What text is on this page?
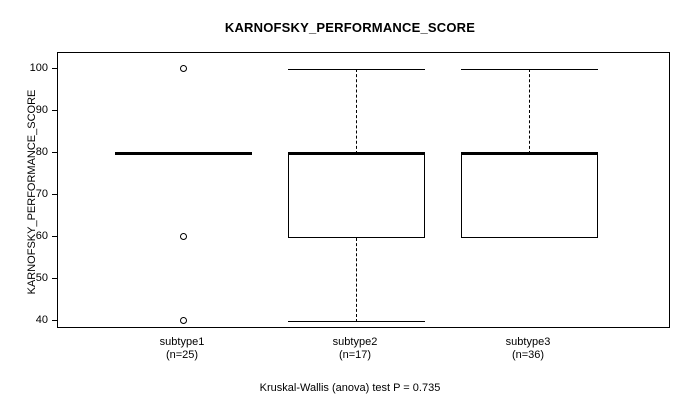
KARNOFSKY_PERFORMANCE_SCORE
KARNOFSKY_PERFORMANCE_SCORE
100
90
80
70
60
50
40
subtype1
(n=25)
subtype2
(n=17)
subtype3
(n=36)
Kruskal-Wallis (anova) test P = 0.735
